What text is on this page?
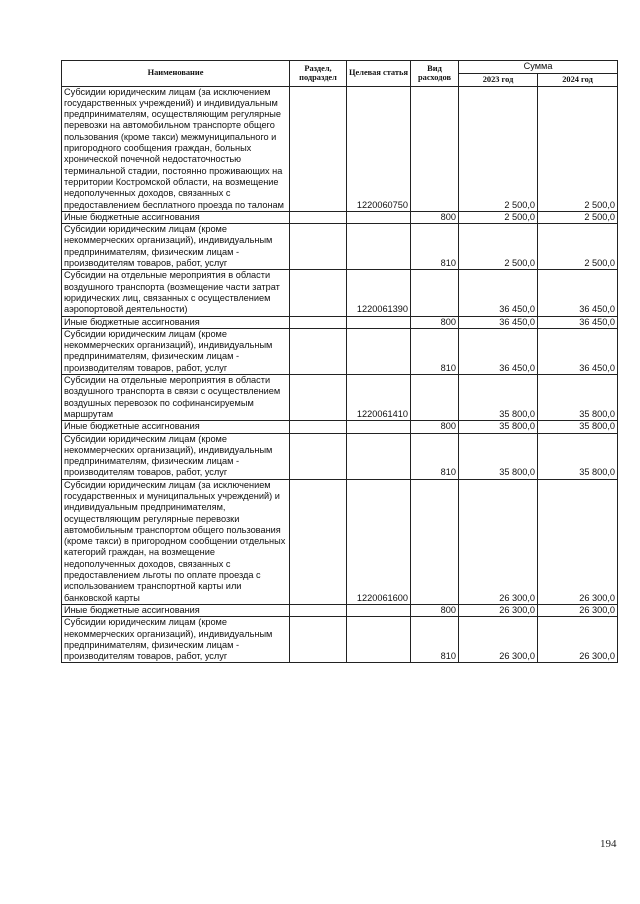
Наименование	Раздел, подраздел	Целевая статья	Вид расходов	Сумма	
				2023 год	2024 год
Субсидии юридическим лицам (за исключением государственных учреждений) и индивидуальным предпринимателям, осуществляющим регулярные перевозки на автомобильном транспорте общего пользования (кроме такси) межмуниципального и пригородного сообщения граждан, больных хронической почечной недостаточностью терминальной стадии, постоянно проживающих на территории Костромской области, на возмещение недополученных доходов, связанных с предоставлением бесплатного проезда по талонам		1220060750		2 500,0	2 500,0
Иные бюджетные ассигнования			800	2 500,0	2 500,0
Субсидии юридическим лицам (кроме некоммерческих организаций), индивидуальным предпринимателям, физическим лицам - производителям товаров, работ, услуг			810	2 500,0	2 500,0
Субсидии на отдельные мероприятия в области воздушного транспорта (возмещение части затрат юридических лиц, связанных с осуществлением аэропортовой деятельности)		1220061390		36 450,0	36 450,0
Иные бюджетные ассигнования			800	36 450,0	36 450,0
Субсидии юридическим лицам (кроме некоммерческих организаций), индивидуальным предпринимателям, физическим лицам - производителям товаров, работ, услуг			810	36 450,0	36 450,0
Субсидии на отдельные мероприятия в области воздушного транспорта в связи с осуществлением воздушных перевозок по софинансируемым маршрутам		1220061410		35 800,0	35 800,0
Иные бюджетные ассигнования			800	35 800,0	35 800,0
Субсидии юридическим лицам (кроме некоммерческих организаций), индивидуальным предпринимателям, физическим лицам - производителям товаров, работ, услуг			810	35 800,0	35 800,0
Субсидии юридическим лицам (за исключением государственных и муниципальных учреждений) и индивидуальным предпринимателям, осуществляющим регулярные перевозки автомобильным транспортом общего пользования (кроме такси) в пригородном сообщении отдельных категорий граждан, на возмещение недополученных доходов, связанных с предоставлением льготы по оплате проезда с использованием транспортной карты или банковской карты		1220061600		26 300,0	26 300,0
Иные бюджетные ассигнования			800	26 300,0	26 300,0
Субсидии юридическим лицам (кроме некоммерческих организаций), индивидуальным предпринимателям, физическим лицам - производителям товаров, работ, услуг			810	26 300,0	26 300,0
194
